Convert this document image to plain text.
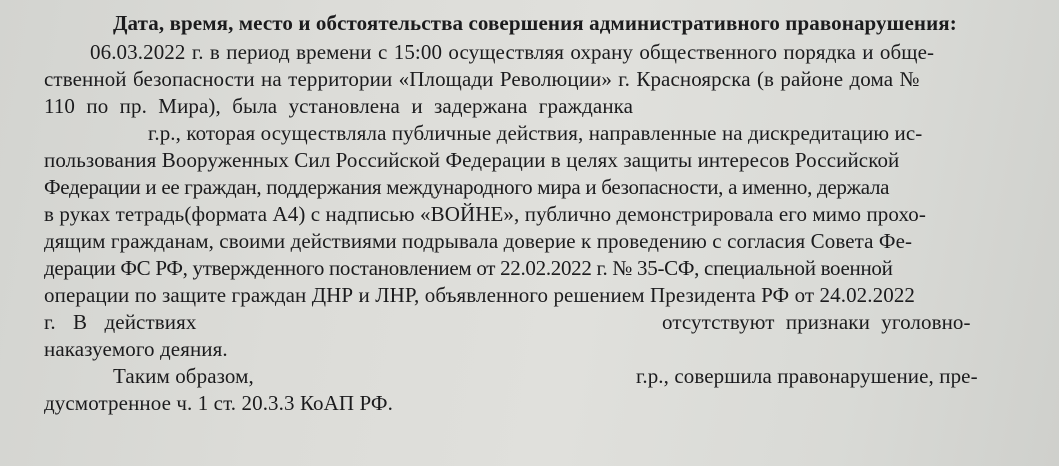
Дата, время, место и обстоятельства совершения административного правонарушения:
06.03.2022 г. в период времени с 15:00 осуществляя охрану общественного порядка и обще-
ственной безопасности на территории «Площади Революции» г. Красноярска (в районе дома №
110 по пр. Мира), была установлена и задержана гражданка
г.р., которая осуществляла публичные действия, направленные на дискредитацию ис-
пользования Вооруженных Сил Российской Федерации в целях защиты интересов Российской
Федерации и ее граждан, поддержания международного мира и безопасности, а именно, держала
в руках тетрадь(формата А4) с надписью «ВОЙНЕ», публично демонстрировала его мимо прохо-
дящим гражданам, своими действиями подрывала доверие к проведению с согласия Совета Фе-
дерации ФС РФ, утвержденного постановлением от 22.02.2022 г. № 35-СФ, специальной военной
операции по защите граждан ДНР и ЛНР, объявленного решением Президента РФ от 24.02.2022
г. В действиях	отсутствуют признаки уголовно-
наказуемого деяния.
Таким образом,	г.р., совершила правонарушение, пре-
дусмотренное ч. 1 ст. 20.3.3 КоАП РФ.
